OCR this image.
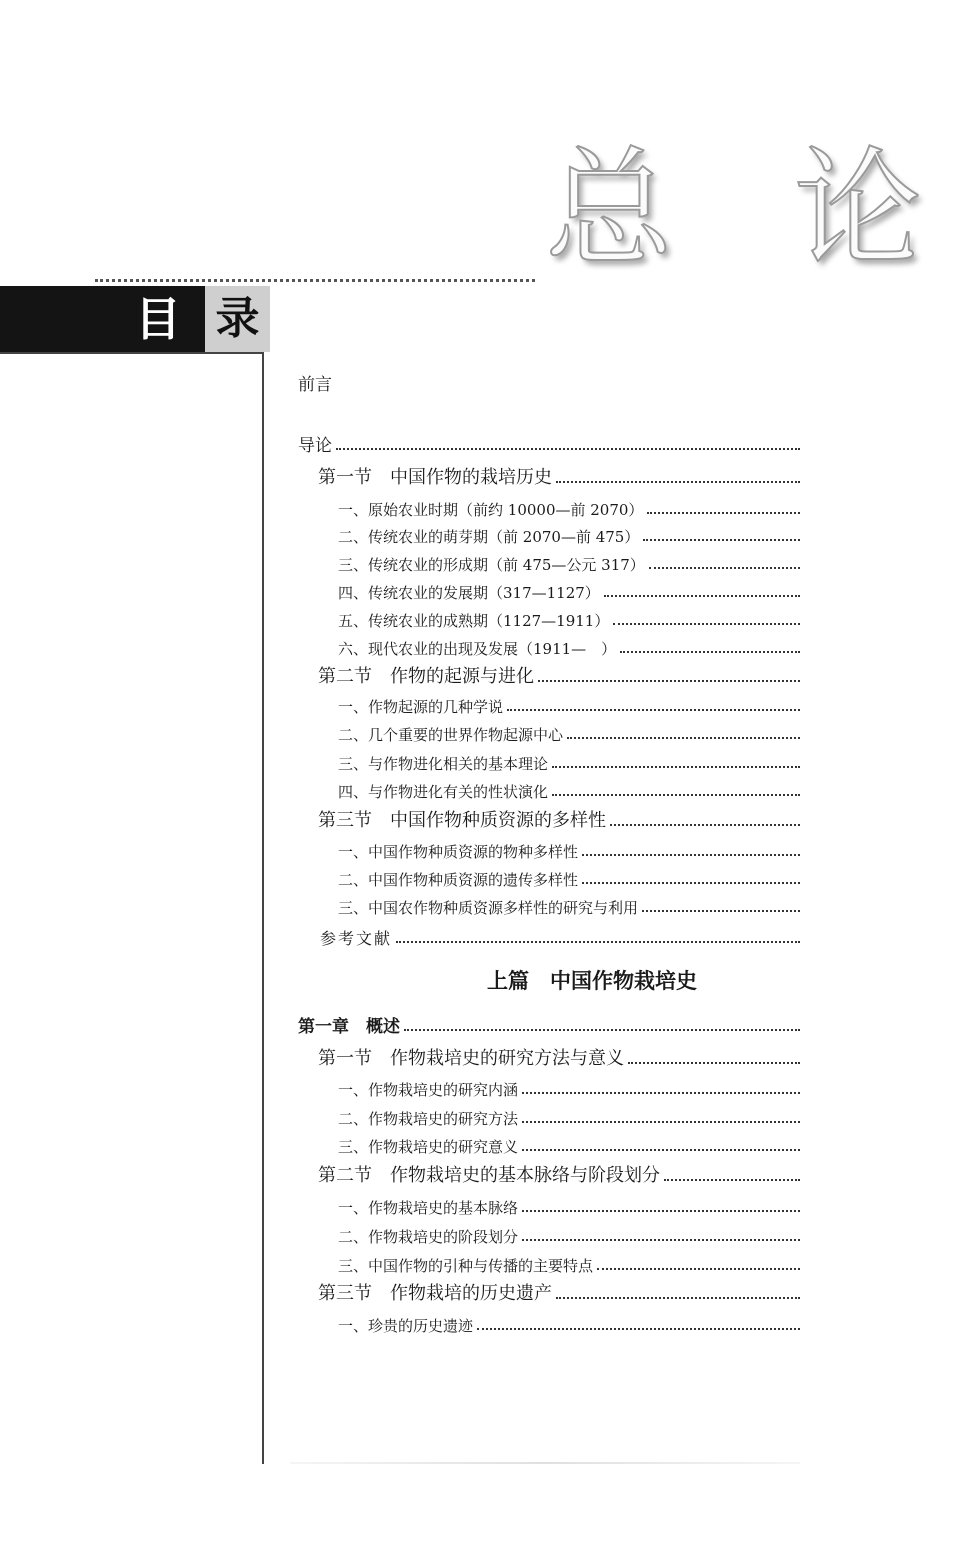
总 论
目 录
前言
导论
第一节　中国作物的栽培历史
一、原始农业时期（前约 10000—前 2070）
二、传统农业的萌芽期（前 2070—前 475）
三、传统农业的形成期（前 475—公元 317）
四、传统农业的发展期（317—1127）
五、传统农业的成熟期（1127—1911）
六、现代农业的出现及发展（1911—　）
第二节　作物的起源与进化
一、作物起源的几种学说
二、几个重要的世界作物起源中心
三、与作物进化相关的基本理论
四、与作物进化有关的性状演化
第三节　中国作物种质资源的多样性
一、中国作物种质资源的物种多样性
二、中国作物种质资源的遗传多样性
三、中国农作物种质资源多样性的研究与利用
参考文献
第一章　概述
第一节　作物栽培史的研究方法与意义
一、作物栽培史的研究内涵
二、作物栽培史的研究方法
三、作物栽培史的研究意义
第二节　作物栽培史的基本脉络与阶段划分
一、作物栽培史的基本脉络
二、作物栽培史的阶段划分
三、中国作物的引种与传播的主要特点
第三节　作物栽培的历史遗产
一、珍贵的历史遗迹
上篇　中国作物栽培史
